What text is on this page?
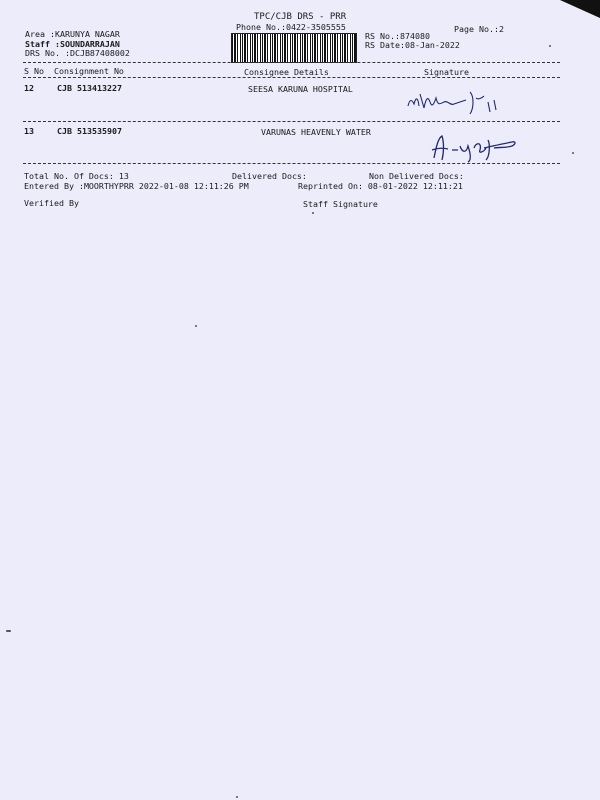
TPC/CJB DRS - PRR
Phone No.:0422-3505555	Page No.:2
Area :KARUNYA NAGAR
Staff :SOUNDARRAJAN
DRS No. :DCJB87408002
RS No.:874080
RS Date:08-Jan-2022
S No Consignment No	Consignee Details	Signature
12	CJB 513413227	SEESA KARUNA HOSPITAL
13	CJB 513535907	VARUNAS HEAVENLY WATER
Total No. Of Docs: 13	Delivered Docs:	Non Delivered Docs:
Entered By :MOORTHYPRR 2022-01-08 12:11:26 PM	Reprinted On: 08-01-2022 12:11:21
Verified By	Staff Signature
